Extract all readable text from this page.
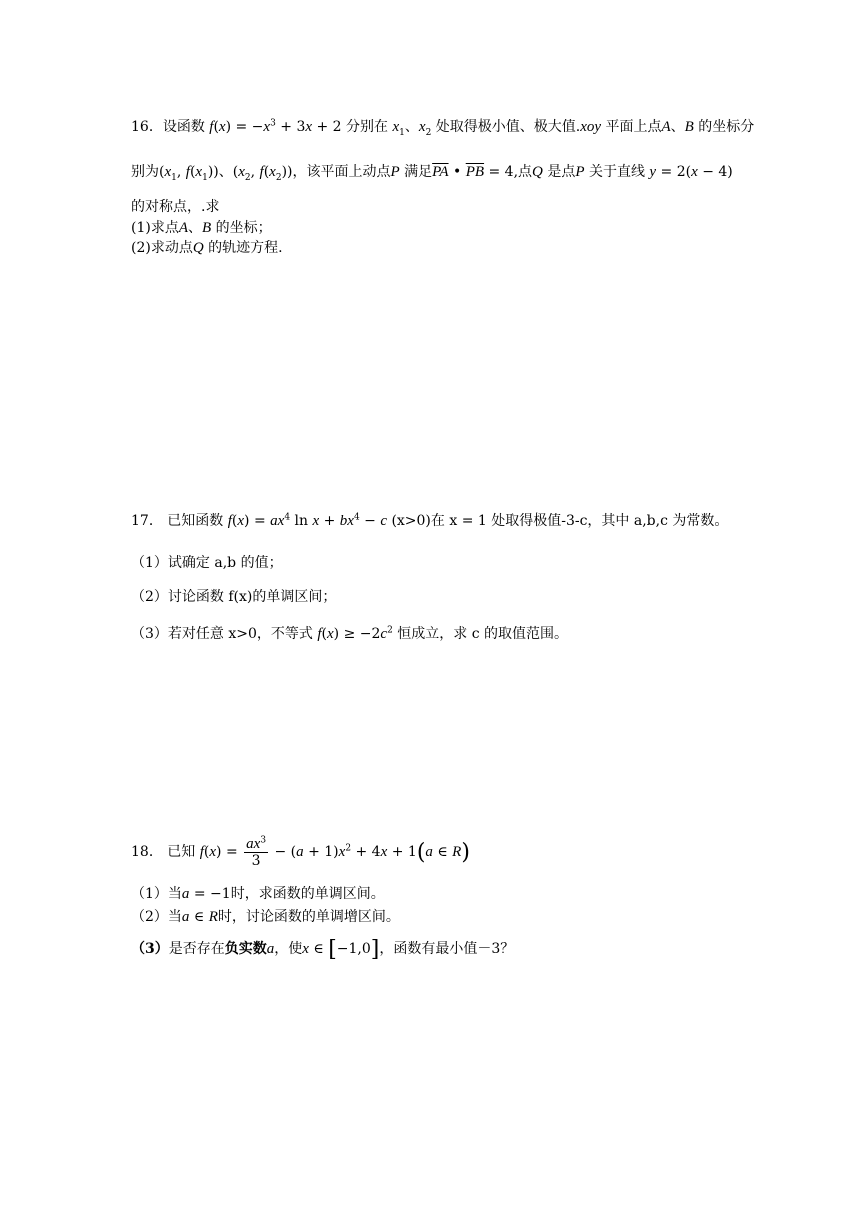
16．设函数 $f(x) = -x^3 + 3x + 2$ 分别在 $x_1$、$x_2$ 处取得极小值、极大值.xoy 平面上点A、B 的坐标分
别为($x_1$, $f(x_1)$)、($x_2$, $f(x_2)$)，该平面上动点P 满足$\overline{PA}$ • $\overline{PB} = 4$,点Q 是点P 关于直线 y = 2(x − 4)
的对称点，.求
(1)求点A、B 的坐标；
(2)求动点Q 的轨迹方程.
17． 已知函数 $f(x) = ax^4$ $\ln x + bx^4 - c$ (x>0)在 x = 1 处取得极值-3-c，其中 a,b,c 为常数。
（1）试确定 a,b 的值；
（2）讨论函数 f(x)的单调区间；
（3）若对任意 x>0，不等式 $f(x) \ge -2c^2$ 恒成立，求 c 的取值范围。
18． 已知 $f(x) = \frac{ax^3}{3} - (a + 1)x^2 + 4x + 1(a$ ∈ R)
（1）当a = −1时，求函数的单调区间。
（2）当a ∈ R时，讨论函数的单调增区间。
（3）是否存在负实数a，使x ∈ [−1,0]，函数有最小值－3？
